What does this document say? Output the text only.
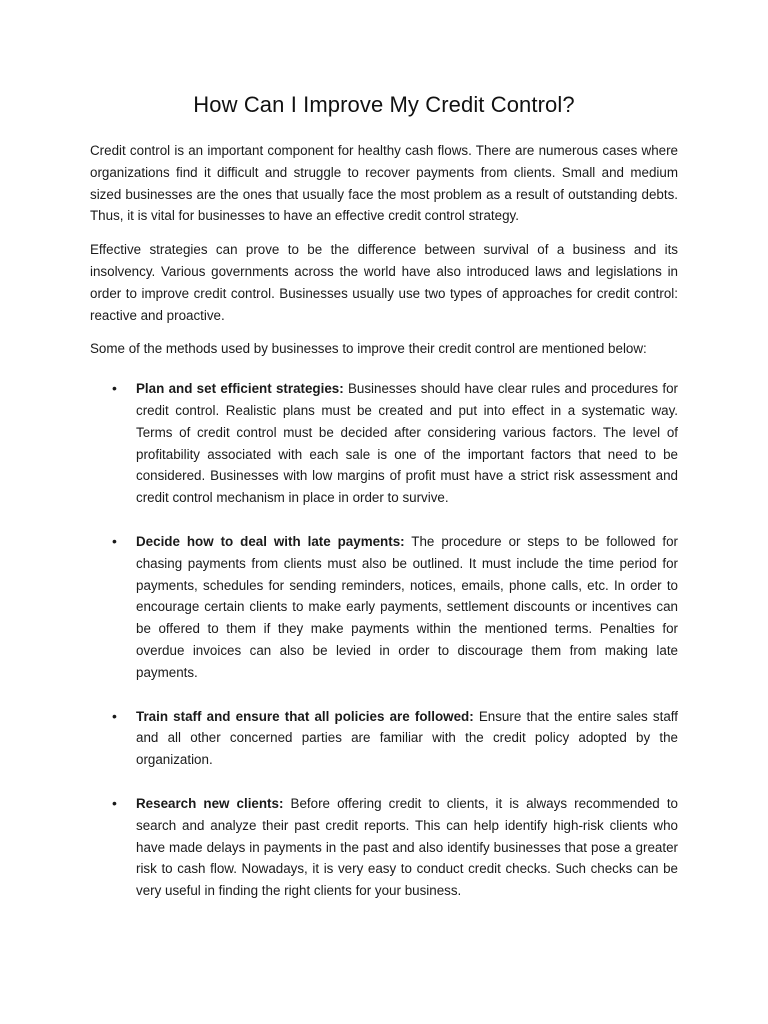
How Can I Improve My Credit Control?

Credit control is an important component for healthy cash flows. There are numerous cases where organizations find it difficult and struggle to recover payments from clients. Small and medium sized businesses are the ones that usually face the most problem as a result of outstanding debts. Thus, it is vital for businesses to have an effective credit control strategy.

Effective strategies can prove to be the difference between survival of a business and its insolvency. Various governments across the world have also introduced laws and legislations in order to improve credit control. Businesses usually use two types of approaches for credit control: reactive and proactive.

Some of the methods used by businesses to improve their credit control are mentioned below:

• Plan and set efficient strategies: Businesses should have clear rules and procedures for credit control. Realistic plans must be created and put into effect in a systematic way. Terms of credit control must be decided after considering various factors. The level of profitability associated with each sale is one of the important factors that need to be considered. Businesses with low margins of profit must have a strict risk assessment and credit control mechanism in place in order to survive.
• Decide how to deal with late payments: The procedure or steps to be followed for chasing payments from clients must also be outlined. It must include the time period for payments, schedules for sending reminders, notices, emails, phone calls, etc. In order to encourage certain clients to make early payments, settlement discounts or incentives can be offered to them if they make payments within the mentioned terms. Penalties for overdue invoices can also be levied in order to discourage them from making late payments.
• Train staff and ensure that all policies are followed: Ensure that the entire sales staff and all other concerned parties are familiar with the credit policy adopted by the organization.
• Research new clients: Before offering credit to clients, it is always recommended to search and analyze their past credit reports. This can help identify high-risk clients who have made delays in payments in the past and also identify businesses that pose a greater risk to cash flow. Nowadays, it is very easy to conduct credit checks. Such checks can be very useful in finding the right clients for your business.
